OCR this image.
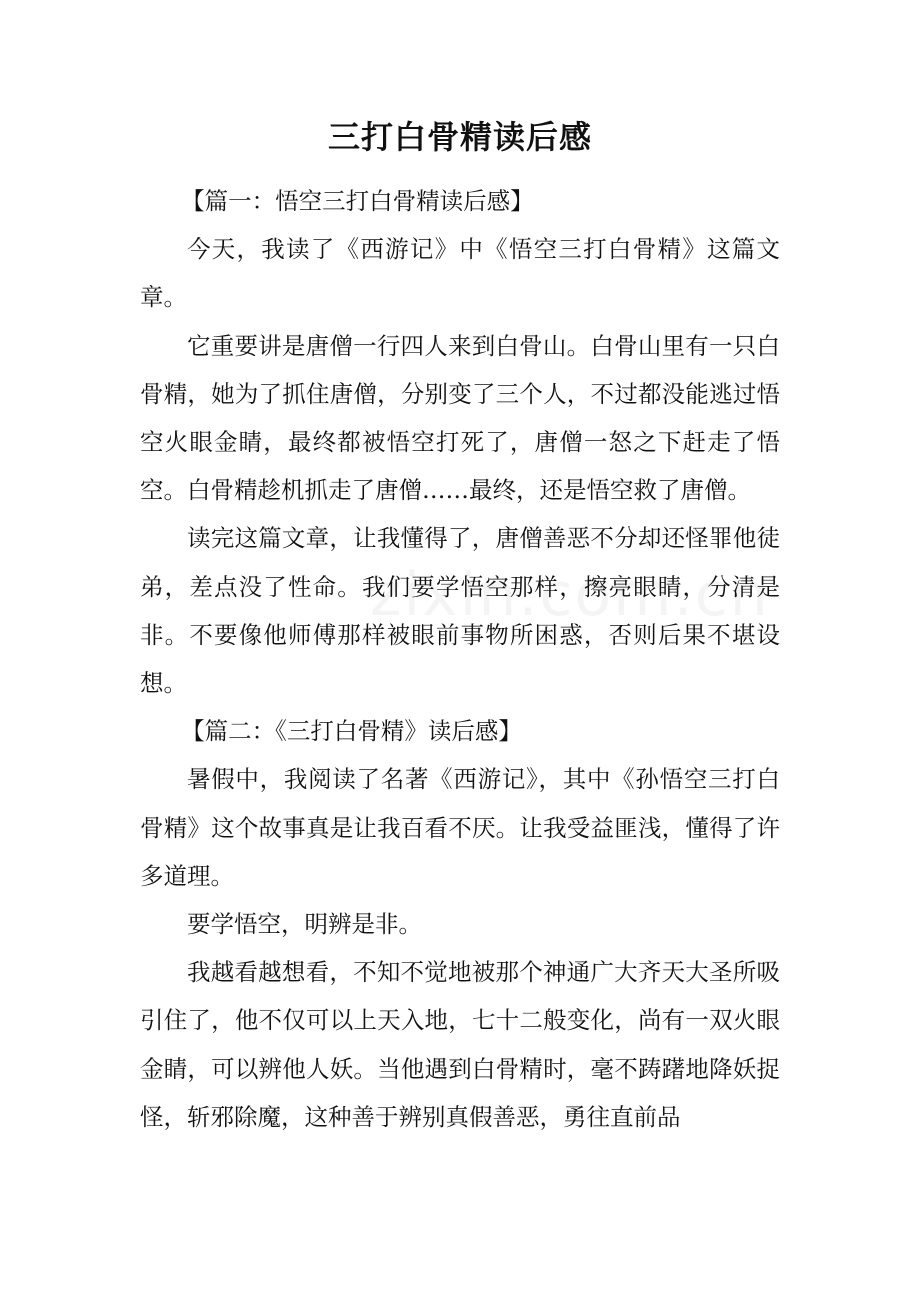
三打白骨精读后感

【篇一：悟空三打白骨精读后感】

今天，我读了《西游记》中《悟空三打白骨精》这篇文章。

它重要讲是唐僧一行四人来到白骨山。白骨山里有一只白骨精，她为了抓住唐僧，分别变了三个人，不过都没能逃过悟空火眼金睛，最终都被悟空打死了，唐僧一怒之下赶走了悟空。白骨精趁机抓走了唐僧……最终，还是悟空救了唐僧。

读完这篇文章，让我懂得了，唐僧善恶不分却还怪罪他徒弟，差点没了性命。我们要学悟空那样，擦亮眼睛，分清是非。不要像他师傅那样被眼前事物所困惑，否则后果不堪设想。

【篇二：《三打白骨精》读后感】

暑假中，我阅读了名著《西游记》，其中《孙悟空三打白骨精》这个故事真是让我百看不厌。让我受益匪浅，懂得了许多道理。

要学悟空，明辨是非。

我越看越想看，不知不觉地被那个神通广大齐天大圣所吸引住了，他不仅可以上天入地，七十二般变化，尚有一双火眼金睛，可以辨他人妖。当他遇到白骨精时，毫不踌躇地降妖捉怪，斩邪除魔，这种善于辨别真假善恶，勇往直前品
